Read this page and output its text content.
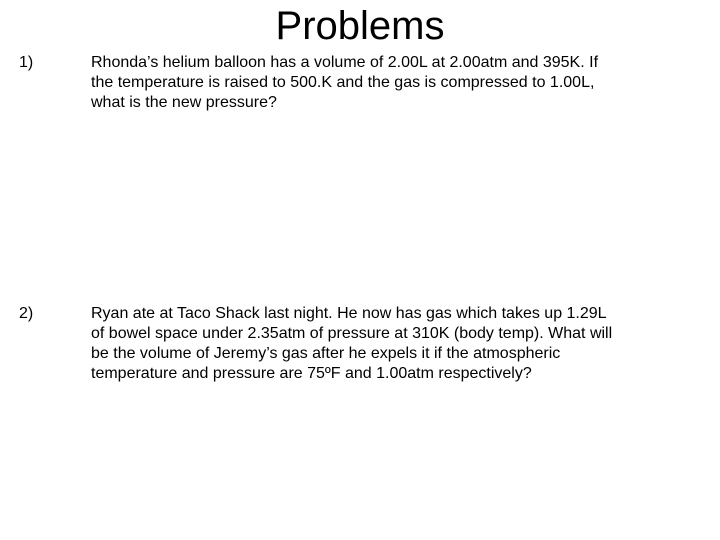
Problems
1)	Rhonda’s helium balloon has a volume of 2.00L at 2.00atm and 395K. If
the temperature is raised to 500.K and the gas is compressed to 1.00L,
what is the new pressure?

2)	Ryan ate at Taco Shack last night. He now has gas which takes up 1.29L
of bowel space under 2.35atm of pressure at 310K (body temp). What will
be the volume of Jeremy’s gas after he expels it if the atmospheric
temperature and pressure are 75ºF and 1.00atm respectively?
